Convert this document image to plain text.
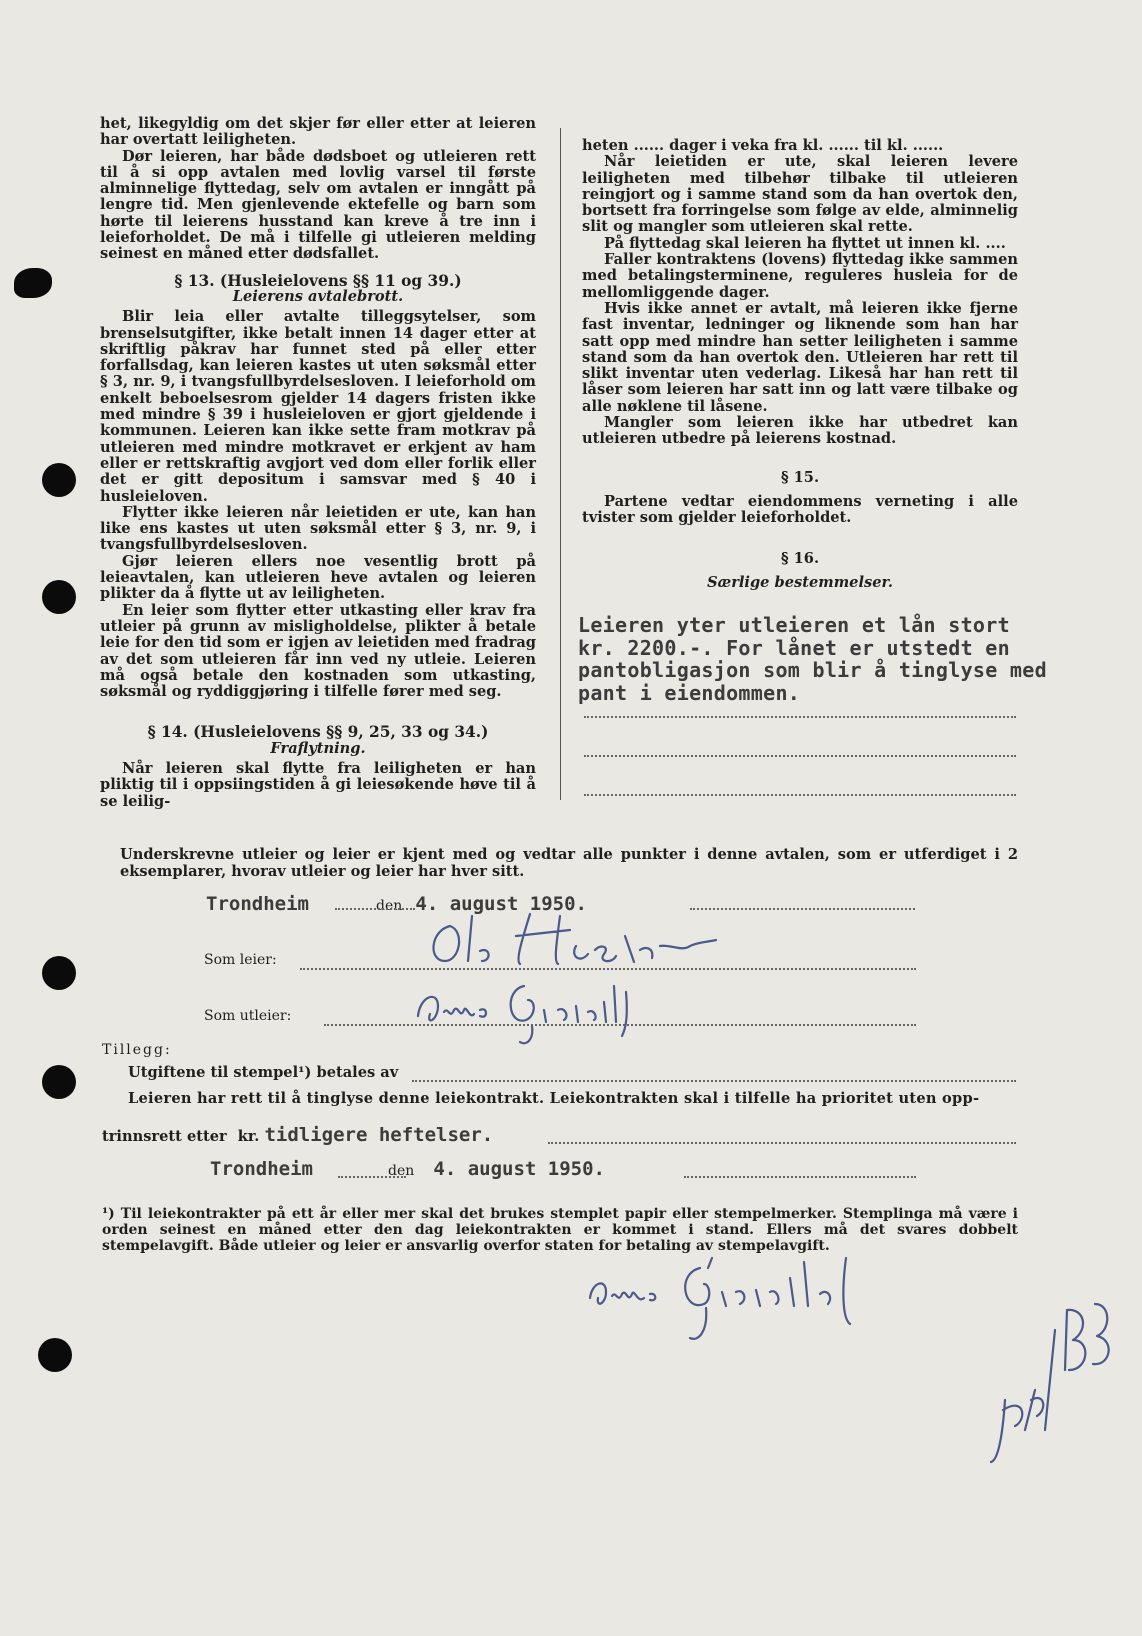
het, likegyldig om det skjer før eller etter at leieren har overtatt leiligheten.

Dør leieren, har både dødsboet og utleieren rett til å si opp avtalen med lovlig varsel til første alminnelige flyttedag, selv om avtalen er inngått på lengre tid. Men gjenlevende ektefelle og barn som hørte til leierens husstand kan kreve å tre inn i leieforholdet. De må i tilfelle gi utleieren melding seinest en måned etter dødsfallet.

§ 13. (Husleielovens §§ 11 og 39.)

Leierens avtalebrott.

Blir leia eller avtalte tilleggsytelser, som brenselsutgifter, ikke betalt innen 14 dager etter at skriftlig påkrav har funnet sted på eller etter forfallsdag, kan leieren kastes ut uten søksmål etter § 3, nr. 9, i tvangsfullbyrdelsesloven. I leieforhold om enkelt beboelsesrom gjelder 14 dagers fristen ikke med mindre § 39 i husleieloven er gjort gjeldende i kommunen. Leieren kan ikke sette fram motkrav på utleieren med mindre motkravet er erkjent av ham eller er rettskraftig avgjort ved dom eller forlik eller det er gitt depositum i samsvar med § 40 i husleieloven.

Flytter ikke leieren når leietiden er ute, kan han like ens kastes ut uten søksmål etter § 3, nr. 9, i tvangsfullbyrdelsesloven.

Gjør leieren ellers noe vesentlig brott på leieavtalen, kan utleieren heve avtalen og leieren plikter da å flytte ut av leiligheten.

En leier som flytter etter utkasting eller krav fra utleier på grunn av misligholdelse, plikter å betale leie for den tid som er igjen av leietiden med fradrag av det som utleieren får inn ved ny utleie. Leieren må også betale den kostnaden som utkasting, søksmål og ryddiggjøring i tilfelle fører med seg.

§ 14. (Husleielovens §§ 9, 25, 33 og 34.)

Fraflytning.

Når leieren skal flytte fra leiligheten er han pliktig til i oppsiingstiden å gi leiesøkende høve til å se leilig-

heten ...... dager i veka fra kl. ...... til kl. ......

Når leietiden er ute, skal leieren levere leiligheten med tilbehør tilbake til utleieren reingjort og i samme stand som da han overtok den, bortsett fra forringelse som følge av elde, alminnelig slit og mangler som utleieren skal rette.

På flyttedag skal leieren ha flyttet ut innen kl. ....

Faller kontraktens (lovens) flyttedag ikke sammen med betalingsterminene, reguleres husleia for de mellomliggende dager.

Hvis ikke annet er avtalt, må leieren ikke fjerne fast inventar, ledninger og liknende som han har satt opp med mindre han setter leiligheten i samme stand som da han overtok den. Utleieren har rett til slikt inventar uten vederlag. Likeså har han rett til låser som leieren har satt inn og latt være tilbake og alle nøklene til låsene.

Mangler som leieren ikke har utbedret kan utleieren utbedre på leierens kostnad.

§ 15.

Partene vedtar eiendommens verneting i alle tvister som gjelder leieforholdet.

§ 16.

Særlige bestemmelser.

Leieren yter utleieren et lån stort kr. 2200.-. For lånet er utstedt en pantobligasjon som blir å tinglyse med pant i eiendommen.
Underskrevne utleier og leier er kjent med og vedtar alle punkter i denne avtalen, som er utferdiget i 2 eksemplarer, hvorav utleier og leier har hver sitt.
Trondheim	den 4. august 1950.
Som leier:
Som utleier:
Tillegg:
Utgiftene til stempel¹) betales av
Leieren har rett til å tinglyse denne leiekontrakt. Leiekontrakten skal i tilfelle ha prioritet uten opp-
trinnsrett etter kr. tidligere heftelser.
Trondheim	den 4. august 1950.
¹) Til leiekontrakter på ett år eller mer skal det brukes stemplet papir eller stempelmerker. Stemplinga må være i orden seinest en måned etter den dag leiekontrakten er kommet i stand. Ellers må det svares dobbelt stempelavgift. Både utleier og leier er ansvarlig overfor staten for betaling av stempelavgift.
